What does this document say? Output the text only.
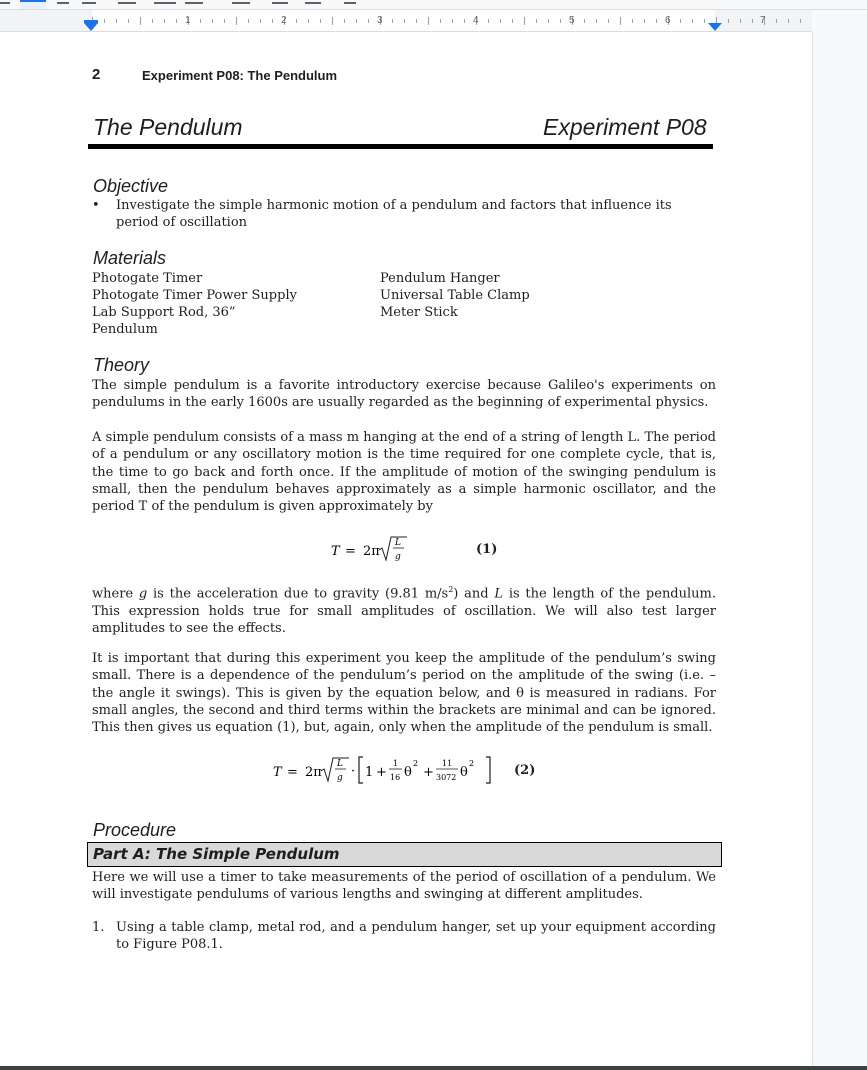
1	2	3	4	5	6	7
2	Experiment P08: The Pendulum
The Pendulum	Experiment P08
Objective
• Investigate the simple harmonic motion of a pendulum and factors that influence its period of oscillation
Materials
Photogate Timer
Photogate Timer Power Supply
Lab Support Rod, 36”
Pendulum
Pendulum Hanger
Universal Table Clamp
Meter Stick
Theory
The simple pendulum is a favorite introductory exercise because Galileo's experiments on pendulums in the early 1600s are usually regarded as the beginning of experimental physics.
A simple pendulum consists of a mass m hanging at the end of a string of length L. The period of a pendulum or any oscillatory motion is the time required for one complete cycle, that is, the time to go back and forth once. If the amplitude of motion of the swinging pendulum is small, then the pendulum behaves approximately as a simple harmonic oscillator, and the period T of the pendulum is given approximately by
T = 2π
L
g	(1)
where g is the acceleration due to gravity (9.81 $m/s^2$) and L is the length of the pendulum. This expression holds true for small amplitudes of oscillation. We will also test larger amplitudes to see the effects.
It is important that during this experiment you keep the amplitude of the pendulum’s swing small. There is a dependence of the pendulum’s period on the amplitude of the swing (i.e. – the angle it swings). This is given by the equation below, and θ is measured in radians. For small angles, the second and third terms within the brackets are minimal and can be ignored. This then gives us equation (1), but, again, only when the amplitude of the pendulum is small.
T = 2π
L
g · 1 +
1
16 θ
2
+
11
3072 θ
2	(2)
Procedure
Part A: The Simple Pendulum
Here we will use a timer to take measurements of the period of oscillation of a pendulum. We will investigate pendulums of various lengths and swinging at different amplitudes.
1. Using a table clamp, metal rod, and a pendulum hanger, set up your equipment according to Figure P08.1.
